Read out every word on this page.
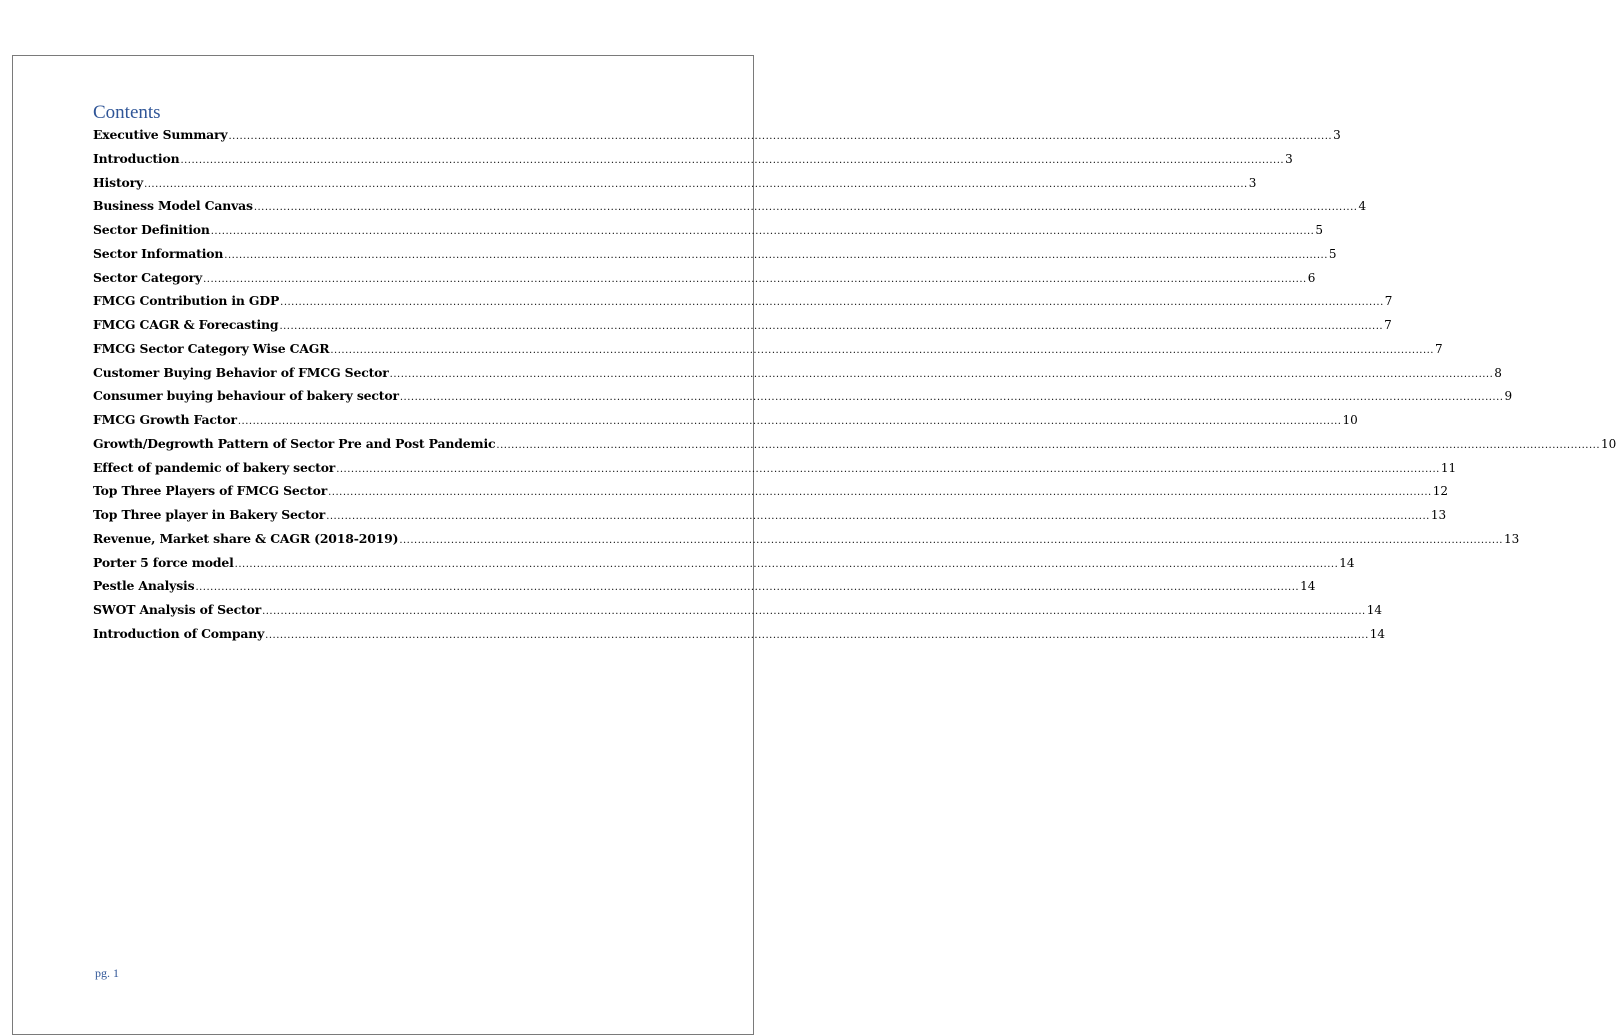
Contents
Executive Summary ............................................................................................................................................................................................................................................................................................................ 3
Introduction ............................................................................................................................................................................................................................................................................................................ 3
History ............................................................................................................................................................................................................................................................................................................ 3
Business Model Canvas ............................................................................................................................................................................................................................................................................................................ 4
Sector Definition ............................................................................................................................................................................................................................................................................................................ 5
Sector Information ............................................................................................................................................................................................................................................................................................................ 5
Sector Category ............................................................................................................................................................................................................................................................................................................ 6
FMCG Contribution in GDP ............................................................................................................................................................................................................................................................................................................ 7
FMCG CAGR & Forecasting ............................................................................................................................................................................................................................................................................................................ 7
FMCG Sector Category Wise CAGR ............................................................................................................................................................................................................................................................................................................ 7
Customer Buying Behavior of FMCG Sector ............................................................................................................................................................................................................................................................................................................ 8
Consumer buying behaviour of bakery sector ............................................................................................................................................................................................................................................................................................................ 9
FMCG Growth Factor ............................................................................................................................................................................................................................................................................................................ 10
Growth/Degrowth Pattern of Sector Pre and Post Pandemic ............................................................................................................................................................................................................................................................................................................ 10
Effect of pandemic of bakery sector ............................................................................................................................................................................................................................................................................................................ 11
Top Three Players of FMCG Sector ............................................................................................................................................................................................................................................................................................................ 12
Top Three player in Bakery Sector ............................................................................................................................................................................................................................................................................................................ 13
Revenue, Market share & CAGR (2018-2019) ............................................................................................................................................................................................................................................................................................................ 13
Porter 5 force model ............................................................................................................................................................................................................................................................................................................ 14
Pestle Analysis ............................................................................................................................................................................................................................................................................................................ 14
SWOT Analysis of Sector ............................................................................................................................................................................................................................................................................................................ 14
Introduction of Company ............................................................................................................................................................................................................................................................................................................ 14
pg. 1
